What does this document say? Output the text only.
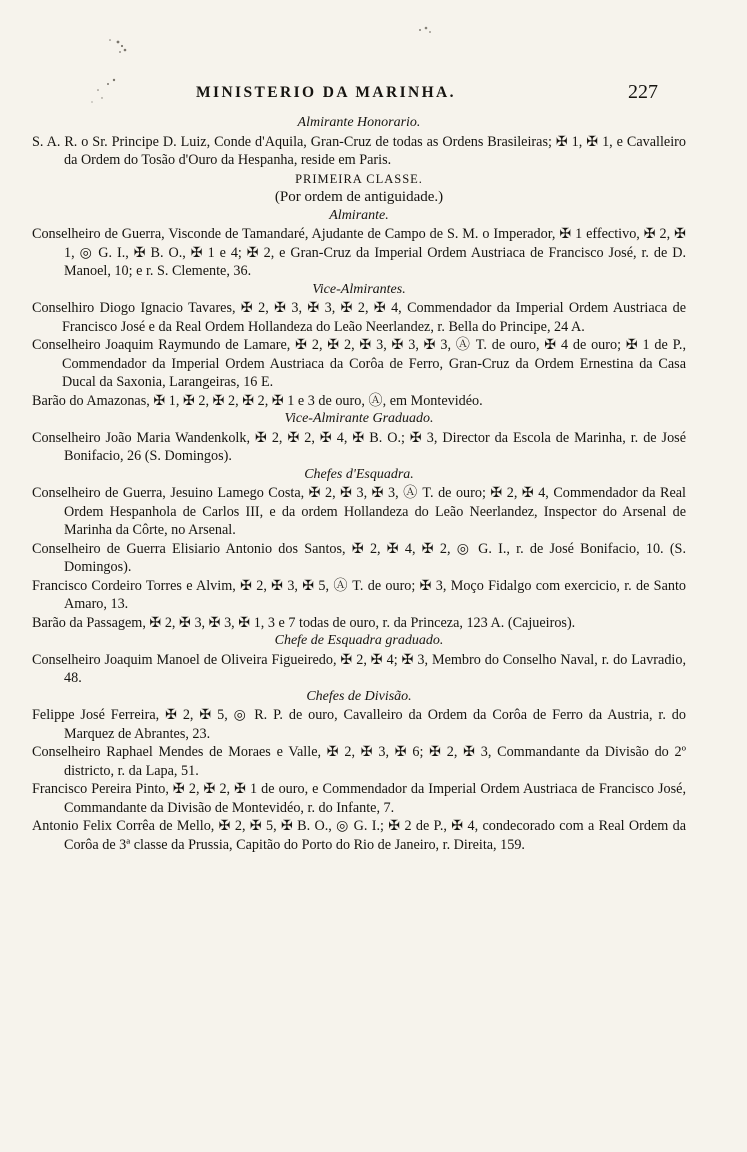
MINISTERIO DA MARINHA.	227

Almirante Honorario.

S. A. R. o Sr. Principe D. Luiz, Conde d'Aquila, Gran-Cruz de todas as Ordens Brasileiras; ✠ 1, ✠ 1, e Cavalleiro da Ordem do Tosão d'Ouro da Hespanha, reside em Paris.

PRIMEIRA CLASSE.

(Por ordem de antiguidade.)

Almirante.

Conselheiro de Guerra, Visconde de Tamandaré, Ajudante de Campo de S. M. o Imperador, ✠ 1 effectivo, ✠ 2, ✠ 1, ◎ G. I., ✠ B. O., ✠ 1 e 4; ✠ 2, e Gran-Cruz da Imperial Ordem Austriaca de Francisco José, r. de D. Manoel, 10; e r. S. Clemente, 36.

Vice-Almirantes.

Conselhiro Diogo Ignacio Tavares, ✠ 2, ✠ 3, ✠ 3, ✠ 2, ✠ 4, Commendador da Imperial Ordem Austriaca de Francisco José e da Real Ordem Hollandeza do Leão Neerlandez, r. Bella do Principe, 24 A.

Conselheiro Joaquim Raymundo de Lamare, ✠ 2, ✠ 2, ✠ 3, ✠ 3, ✠ 3, Ⓐ T. de ouro, ✠ 4 de ouro; ✠ 1 de P., Commendador da Imperial Ordem Austriaca da Corôa de Ferro, Gran-Cruz da Ordem Ernestina da Casa Ducal da Saxonia, Larangeiras, 16 E.

Barão do Amazonas, ✠ 1, ✠ 2, ✠ 2, ✠ 2, ✠ 1 e 3 de ouro, Ⓐ, em Montevidéo.

Vice-Almirante Graduado.

Conselheiro João Maria Wandenkolk, ✠ 2, ✠ 2, ✠ 4, ✠ B. O.; ✠ 3, Director da Escola de Marinha, r. de José Bonifacio, 26 (S. Domingos).

Chefes d'Esquadra.

Conselheiro de Guerra, Jesuino Lamego Costa, ✠ 2, ✠ 3, ✠ 3, Ⓐ T. de ouro; ✠ 2, ✠ 4, Commendador da Real Ordem Hespanhola de Carlos III, e da ordem Hollandeza do Leão Neerlandez, Inspector do Arsenal de Marinha da Côrte, no Arsenal.

Conselheiro de Guerra Elisiario Antonio dos Santos, ✠ 2, ✠ 4, ✠ 2, ◎ G. I., r. de José Bonifacio, 10. (S. Domingos).

Francisco Cordeiro Torres e Alvim, ✠ 2, ✠ 3, ✠ 5, Ⓐ T. de ouro; ✠ 3, Moço Fidalgo com exercicio, r. de Santo Amaro, 13.

Barão da Passagem, ✠ 2, ✠ 3, ✠ 3, ✠ 1, 3 e 7 todas de ouro, r. da Princeza, 123 A. (Cajueiros).

Chefe de Esquadra graduado.

Conselheiro Joaquim Manoel de Oliveira Figueiredo, ✠ 2, ✠ 4; ✠ 3, Membro do Conselho Naval, r. do Lavradio, 48.

Chefes de Divisão.

Felippe José Ferreira, ✠ 2, ✠ 5, ◎ R. P. de ouro, Cavalleiro da Ordem da Corôa de Ferro da Austria, r. do Marquez de Abrantes, 23.

Conselheiro Raphael Mendes de Moraes e Valle, ✠ 2, ✠ 3, ✠ 6; ✠ 2, ✠ 3, Commandante da Divisão do 2º districto, r. da Lapa, 51.

Francisco Pereira Pinto, ✠ 2, ✠ 2, ✠ 1 de ouro, e Commendador da Imperial Ordem Austriaca de Francisco José, Commandante da Divisão de Montevidéo, r. do Infante, 7.

Antonio Felix Corrêa de Mello, ✠ 2, ✠ 5, ✠ B. O., ◎ G. I.; ✠ 2 de P., ✠ 4, condecorado com a Real Ordem da Corôa de 3ª classe da Prussia, Capitão do Porto do Rio de Janeiro, r. Direita, 159.
